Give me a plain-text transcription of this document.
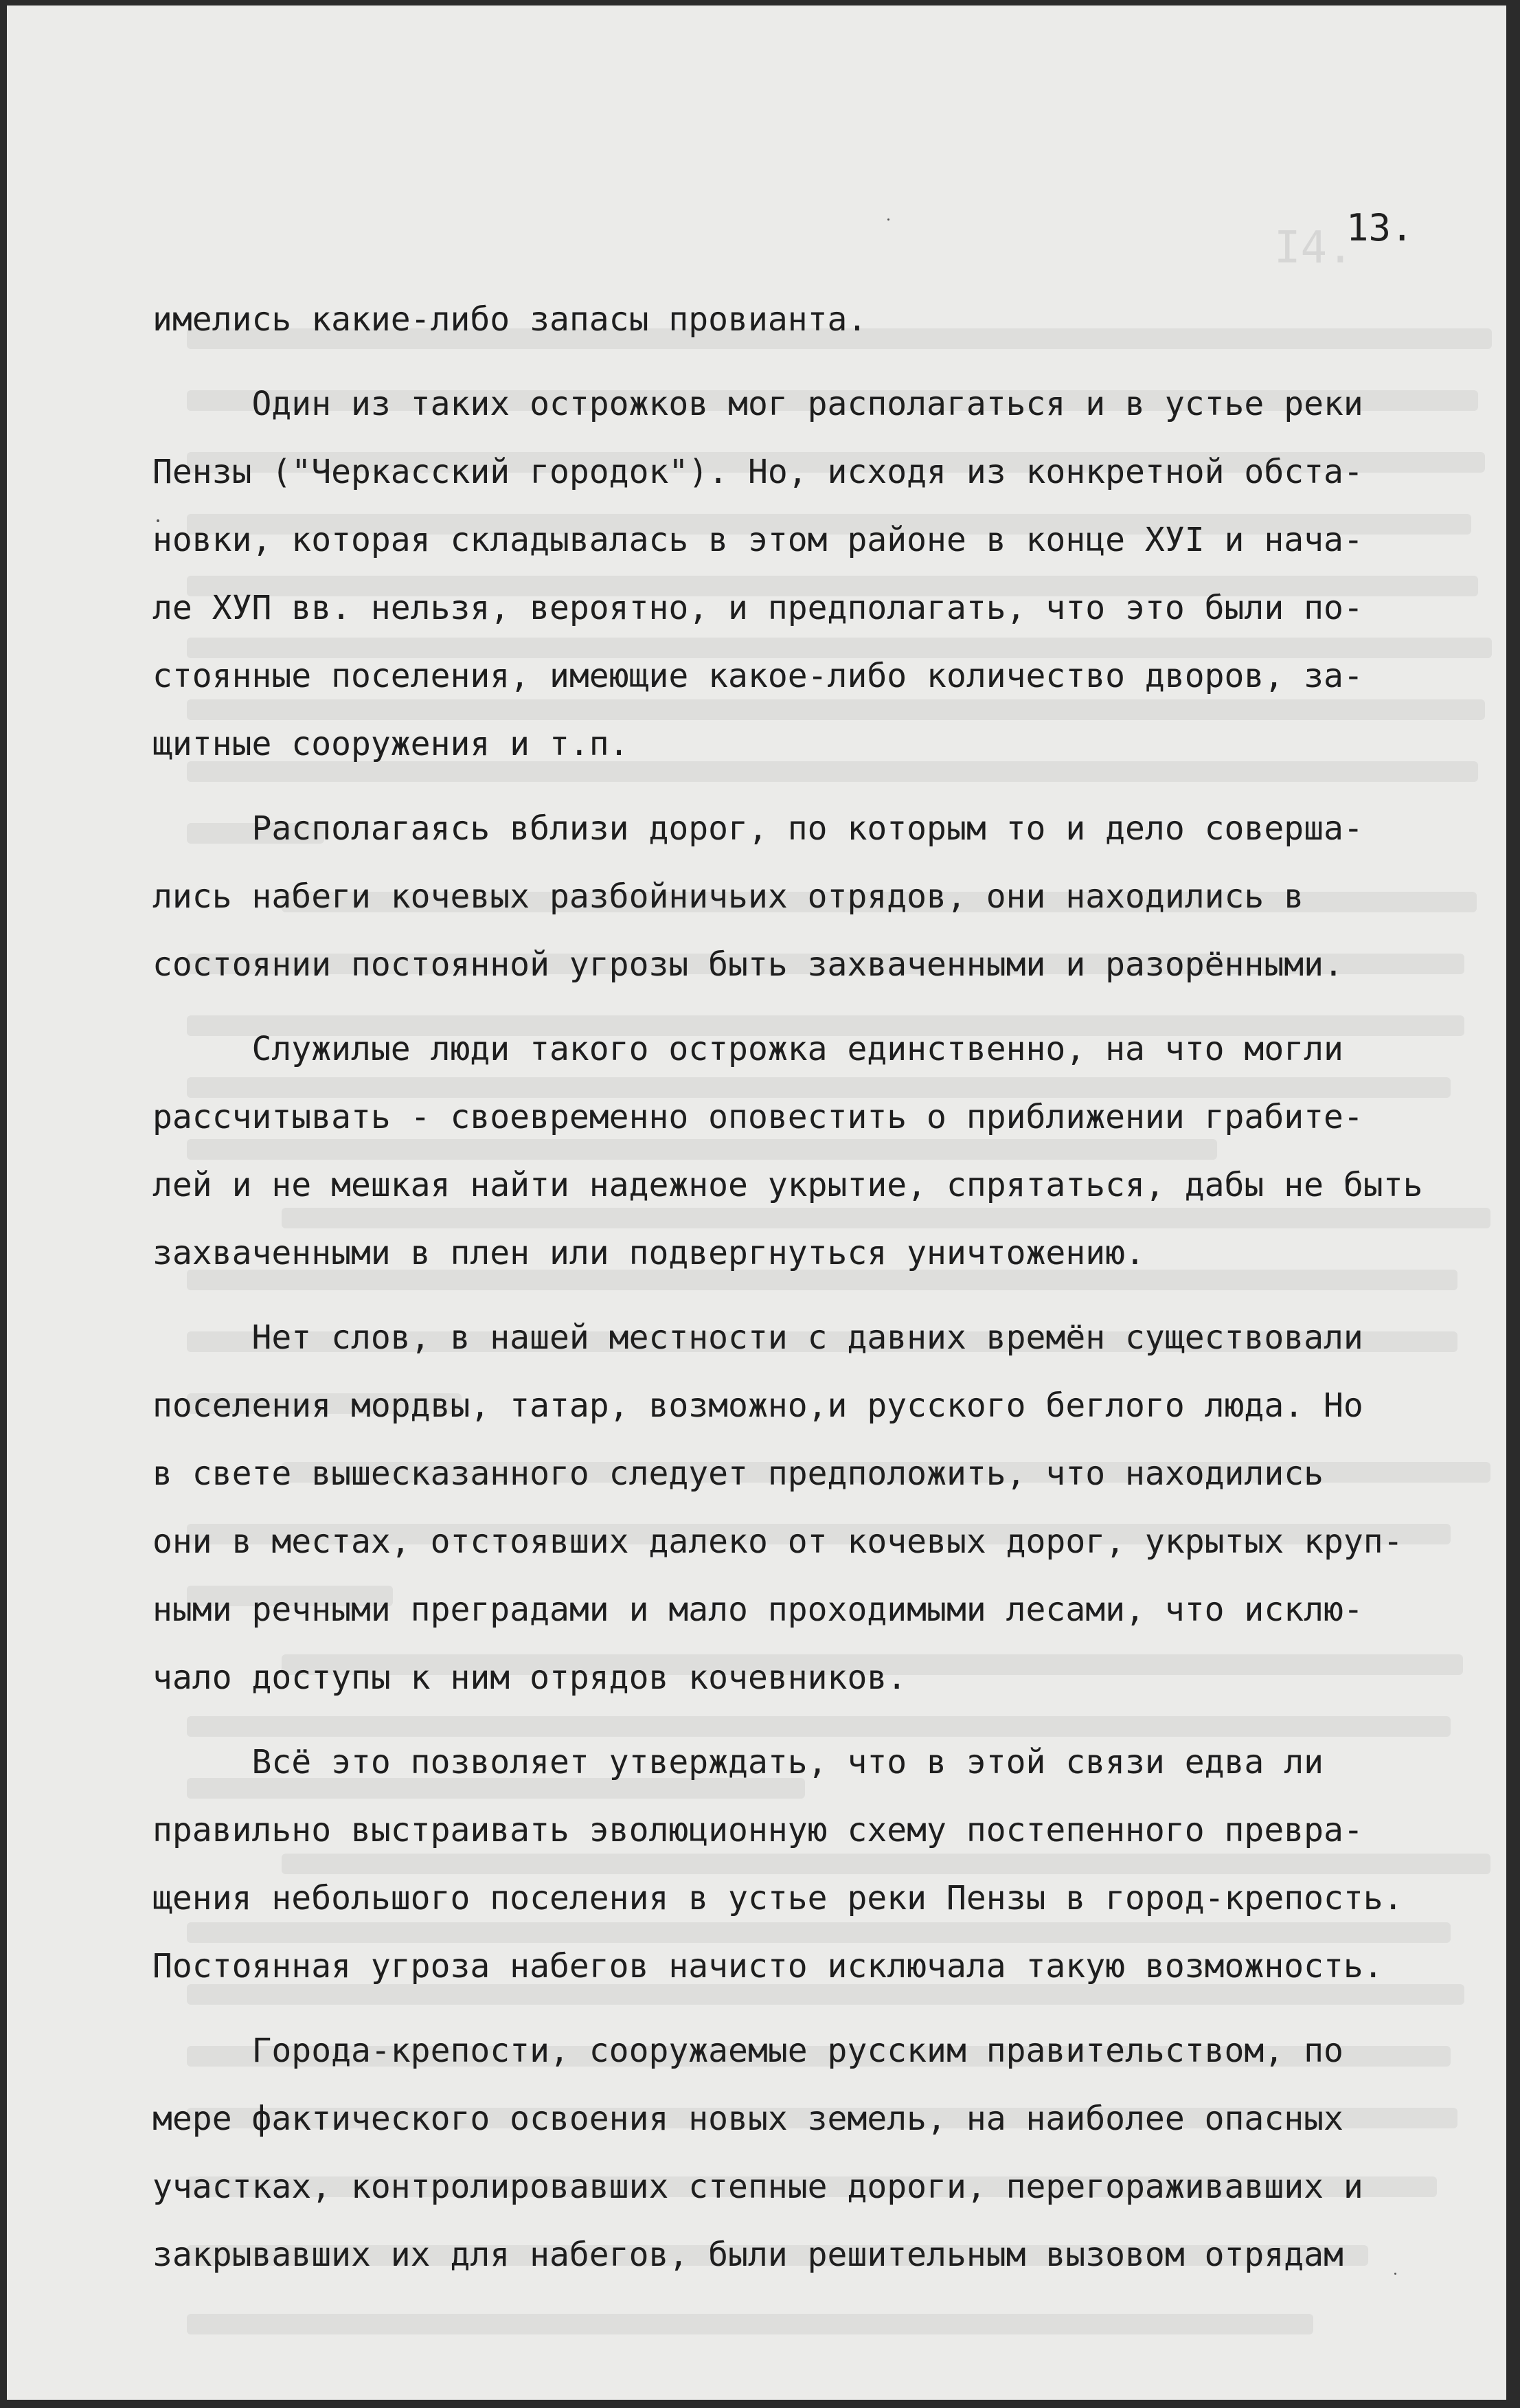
I4.

13.

имелись какие-либо запасы провианта.

Один из таких острожков мог располагаться и в устье реки

Пензы ("Черкасский городок"). Но, исходя из конкретной обста-

новки, которая складывалась в этом районе в конце ХУI и нача-

ле ХУП вв. нельзя, вероятно, и предполагать, что это были по-

стоянные поселения, имеющие какое-либо количество дворов, за-

щитные сооружения и т.п.

Располагаясь вблизи дорог, по которым то и дело соверша-

лись набеги кочевых разбойничьих отрядов, они находились в

состоянии постоянной угрозы быть захваченными и разорёнными.

Служилые люди такого острожка единственно, на что могли

рассчитывать - своевременно оповестить о приближении грабите-

лей и не мешкая найти надежное укрытие, спрятаться, дабы не быть

захваченными в плен или подвергнуться уничтожению.

Нет слов, в нашей местности с давних времён существовали

поселения мордвы, татар, возможно,и русского беглого люда. Но

в свете вышесказанного следует предположить, что находились

они в местах, отстоявших далеко от кочевых дорог, укрытых круп-

ными речными преградами и мало проходимыми лесами, что исклю-

чало доступы к ним отрядов кочевников.

Всё это позволяет утверждать, что в этой связи едва ли

правильно выстраивать эволюционную схему постепенного превра-

щения небольшого поселения в устье реки Пензы в город-крепость.

Постоянная угроза набегов начисто исключала такую возможность.

Города-крепости, сооружаемые русским правительством, по

мере фактического освоения новых земель, на наиболее опасных

участках, контролировавших степные дороги, перегораживавших и

закрывавших их для набегов, были решительным вызовом отрядам
